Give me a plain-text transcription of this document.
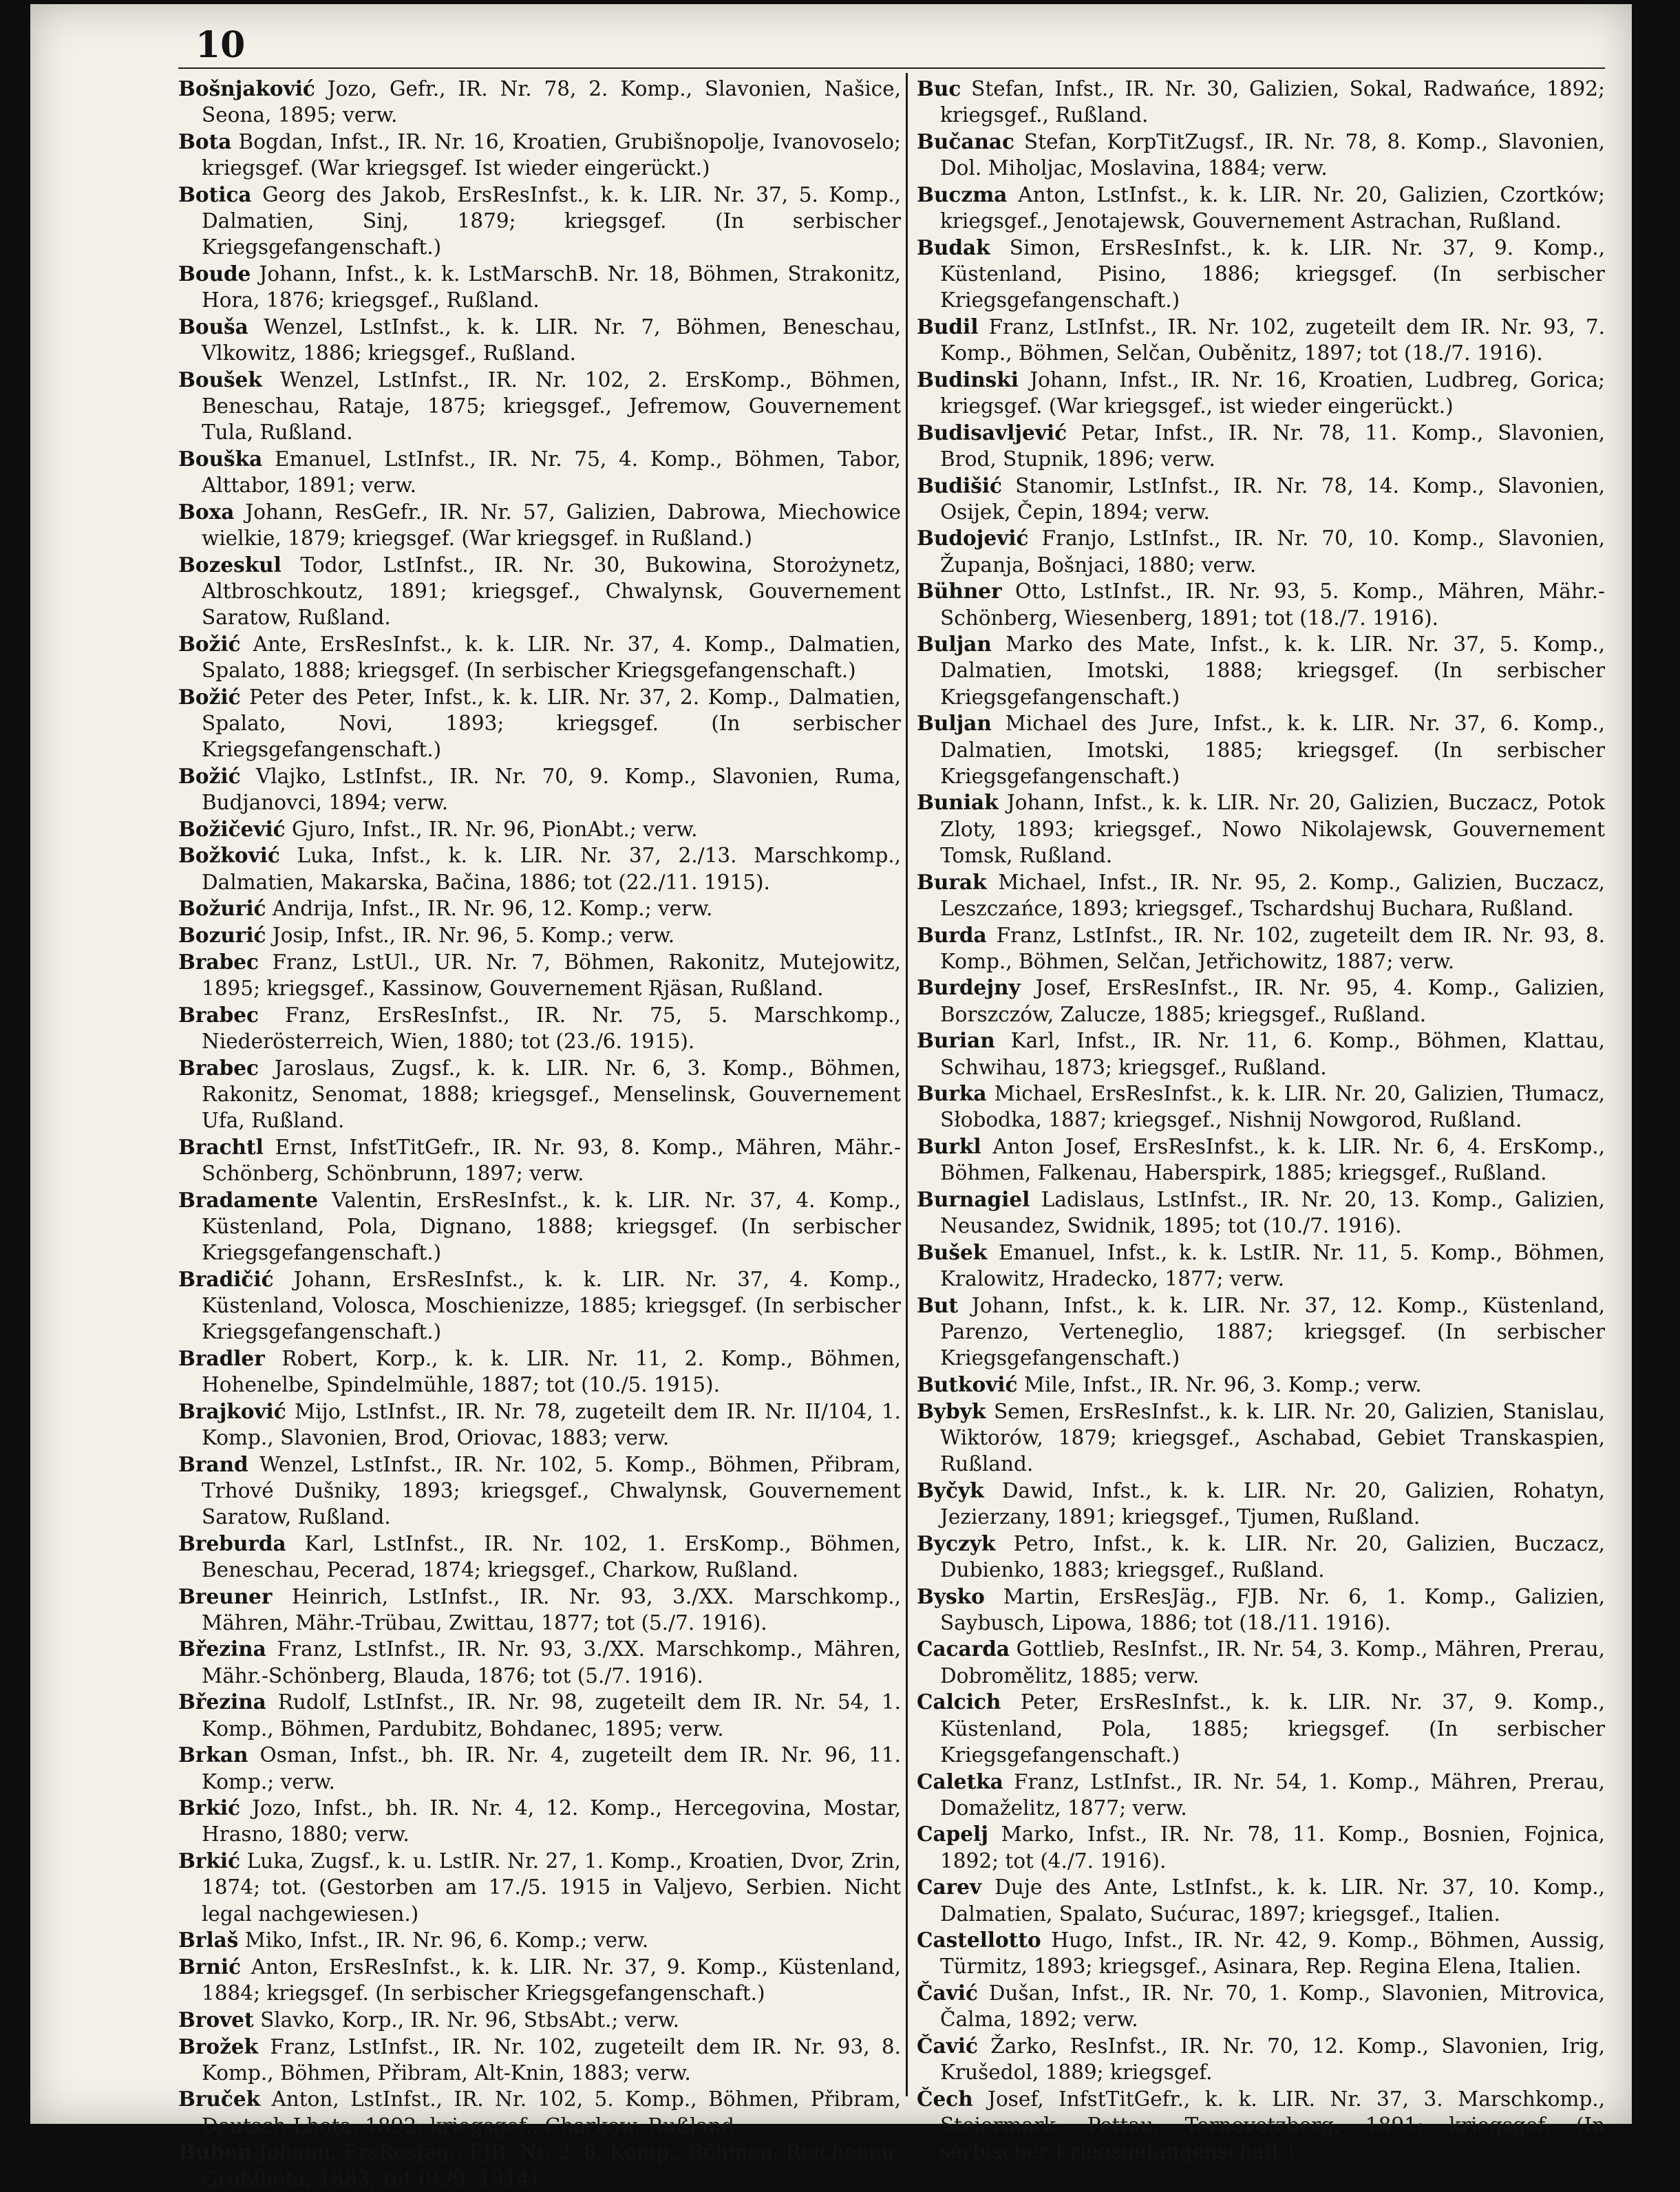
10

Bošnjaković Jozo, Gefr., IR. Nr. 78, 2. Komp., Slavonien, Našice, Seona, 1895; verw.

Bota Bogdan, Infst., IR. Nr. 16, Kroatien, Grubišnopolje, Ivanovoselo; kriegsgef. (War kriegsgef. Ist wieder eingerückt.)

Botica Georg des Jakob, ErsResInfst., k. k. LIR. Nr. 37, 5. Komp., Dalmatien, Sinj, 1879; kriegsgef. (In serbischer Kriegsgefangenschaft.)

Boude Johann, Infst., k. k. LstMarschB. Nr. 18, Böhmen, Strakonitz, Hora, 1876; kriegsgef., Rußland.

Bouša Wenzel, LstInfst., k. k. LIR. Nr. 7, Böhmen, Beneschau, Vlkowitz, 1886; kriegsgef., Rußland.

Boušek Wenzel, LstInfst., IR. Nr. 102, 2. ErsKomp., Böhmen, Beneschau, Rataje, 1875; kriegsgef., Jefremow, Gouvernement Tula, Rußland.

Bouška Emanuel, LstInfst., IR. Nr. 75, 4. Komp., Böhmen, Tabor, Alttabor, 1891; verw.

Boxa Johann, ResGefr., IR. Nr. 57, Galizien, Dabrowa, Miechowice wielkie, 1879; kriegsgef. (War kriegsgef. in Rußland.)

Bozeskul Todor, LstInfst., IR. Nr. 30, Bukowina, Storożynetz, Altbroschkoutz, 1891; kriegsgef., Chwalynsk, Gouvernement Saratow, Rußland.

Božić Ante, ErsResInfst., k. k. LIR. Nr. 37, 4. Komp., Dalmatien, Spalato, 1888; kriegsgef. (In serbischer Kriegsgefangenschaft.)

Božić Peter des Peter, Infst., k. k. LIR. Nr. 37, 2. Komp., Dalmatien, Spalato, Novi, 1893; kriegsgef. (In serbischer Kriegsgefangenschaft.)

Božić Vlajko, LstInfst., IR. Nr. 70, 9. Komp., Slavonien, Ruma, Budjanovci, 1894; verw.

Božičević Gjuro, Infst., IR. Nr. 96, PionAbt.; verw.

Božković Luka, Infst., k. k. LIR. Nr. 37, 2./13. Marschkomp., Dalmatien, Makarska, Bačina, 1886; tot (22./11. 1915).

Božurić Andrija, Infst., IR. Nr. 96, 12. Komp.; verw.

Bozurić Josip, Infst., IR. Nr. 96, 5. Komp.; verw.

Brabec Franz, LstUl., UR. Nr. 7, Böhmen, Rakonitz, Mutejowitz, 1895; kriegsgef., Kassinow, Gouvernement Rjäsan, Rußland.

Brabec Franz, ErsResInfst., IR. Nr. 75, 5. Marschkomp., Niederösterreich, Wien, 1880; tot (23./6. 1915).

Brabec Jaroslaus, Zugsf., k. k. LIR. Nr. 6, 3. Komp., Böhmen, Rakonitz, Senomat, 1888; kriegsgef., Menselinsk, Gouvernement Ufa, Rußland.

Brachtl Ernst, InfstTitGefr., IR. Nr. 93, 8. Komp., Mähren, Mähr.-Schönberg, Schönbrunn, 1897; verw.

Bradamente Valentin, ErsResInfst., k. k. LIR. Nr. 37, 4. Komp., Küstenland, Pola, Dignano, 1888; kriegsgef. (In serbischer Kriegsgefangenschaft.)

Bradičić Johann, ErsResInfst., k. k. LIR. Nr. 37, 4. Komp., Küstenland, Volosca, Moschienizze, 1885; kriegsgef. (In serbischer Kriegsgefangenschaft.)

Bradler Robert, Korp., k. k. LIR. Nr. 11, 2. Komp., Böhmen, Hohenelbe, Spindelmühle, 1887; tot (10./5. 1915).

Brajković Mijo, LstInfst., IR. Nr. 78, zugeteilt dem IR. Nr. II/104, 1. Komp., Slavonien, Brod, Oriovac, 1883; verw.

Brand Wenzel, LstInfst., IR. Nr. 102, 5. Komp., Böhmen, Přibram, Trhové Dušniky, 1893; kriegsgef., Chwalynsk, Gouvernement Saratow, Rußland.

Breburda Karl, LstInfst., IR. Nr. 102, 1. ErsKomp., Böhmen, Beneschau, Pecerad, 1874; kriegsgef., Charkow, Rußland.

Breuner Heinrich, LstInfst., IR. Nr. 93, 3./XX. Marschkomp., Mähren, Mähr.-Trübau, Zwittau, 1877; tot (5./7. 1916).

Březina Franz, LstInfst., IR. Nr. 93, 3./XX. Marschkomp., Mähren, Mähr.-Schönberg, Blauda, 1876; tot (5./7. 1916).

Březina Rudolf, LstInfst., IR. Nr. 98, zugeteilt dem IR. Nr. 54, 1. Komp., Böhmen, Pardubitz, Bohdanec, 1895; verw.

Brkan Osman, Infst., bh. IR. Nr. 4, zugeteilt dem IR. Nr. 96, 11. Komp.; verw.

Brkić Jozo, Infst., bh. IR. Nr. 4, 12. Komp., Hercegovina, Mostar, Hrasno, 1880; verw.

Brkić Luka, Zugsf., k. u. LstIR. Nr. 27, 1. Komp., Kroatien, Dvor, Zrin, 1874; tot. (Gestorben am 17./5. 1915 in Valjevo, Serbien. Nicht legal nachgewiesen.)

Brlaš Miko, Infst., IR. Nr. 96, 6. Komp.; verw.

Brnić Anton, ErsResInfst., k. k. LIR. Nr. 37, 9. Komp., Küstenland, 1884; kriegsgef. (In serbischer Kriegsgefangenschaft.)

Brovet Slavko, Korp., IR. Nr. 96, StbsAbt.; verw.

Brožek Franz, LstInfst., IR. Nr. 102, zugeteilt dem IR. Nr. 93, 8. Komp., Böhmen, Přibram, Alt-Knin, 1883; verw.

Bruček Anton, LstInfst., IR. Nr. 102, 5. Komp., Böhmen, Přibram, Deutsch-Lhota, 1892; kriegsgef., Charkow, Rußland.

Buben Johann, ErsResJäg., FJB. Nr. 2, 8. Komp., Böhmen, Reichenau, Großlhota, 1883; tot (9./9. 1914).

Buc Stefan, Infst., IR. Nr. 30, Galizien, Sokal, Radwańce, 1892; kriegsgef., Rußland.

Bučanac Stefan, KorpTitZugsf., IR. Nr. 78, 8. Komp., Slavonien, Dol. Miholjac, Moslavina, 1884; verw.

Buczma Anton, LstInfst., k. k. LIR. Nr. 20, Galizien, Czortków; kriegsgef., Jenotajewsk, Gouvernement Astrachan, Rußland.

Budak Simon, ErsResInfst., k. k. LIR. Nr. 37, 9. Komp., Küstenland, Pisino, 1886; kriegsgef. (In serbischer Kriegsgefangenschaft.)

Budil Franz, LstInfst., IR. Nr. 102, zugeteilt dem IR. Nr. 93, 7. Komp., Böhmen, Selčan, Ouběnitz, 1897; tot (18./7. 1916).

Budinski Johann, Infst., IR. Nr. 16, Kroatien, Ludbreg, Gorica; kriegsgef. (War kriegsgef., ist wieder eingerückt.)

Budisavljević Petar, Infst., IR. Nr. 78, 11. Komp., Slavonien, Brod, Stupnik, 1896; verw.

Budišić Stanomir, LstInfst., IR. Nr. 78, 14. Komp., Slavonien, Osijek, Čepin, 1894; verw.

Budojević Franjo, LstInfst., IR. Nr. 70, 10. Komp., Slavonien, Županja, Bošnjaci, 1880; verw.

Bühner Otto, LstInfst., IR. Nr. 93, 5. Komp., Mähren, Mähr.-Schönberg, Wiesenberg, 1891; tot (18./7. 1916).

Buljan Marko des Mate, Infst., k. k. LIR. Nr. 37, 5. Komp., Dalmatien, Imotski, 1888; kriegsgef. (In serbischer Kriegsgefangenschaft.)

Buljan Michael des Jure, Infst., k. k. LIR. Nr. 37, 6. Komp., Dalmatien, Imotski, 1885; kriegsgef. (In serbischer Kriegsgefangenschaft.)

Buniak Johann, Infst., k. k. LIR. Nr. 20, Galizien, Buczacz, Potok Zloty, 1893; kriegsgef., Nowo Nikolajewsk, Gouvernement Tomsk, Rußland.

Burak Michael, Infst., IR. Nr. 95, 2. Komp., Galizien, Buczacz, Leszczańce, 1893; kriegsgef., Tschardshuj Buchara, Rußland.

Burda Franz, LstInfst., IR. Nr. 102, zugeteilt dem IR. Nr. 93, 8. Komp., Böhmen, Selčan, Jetřichowitz, 1887; verw.

Burdejny Josef, ErsResInfst., IR. Nr. 95, 4. Komp., Galizien, Borszczów, Zalucze, 1885; kriegsgef., Rußland.

Burian Karl, Infst., IR. Nr. 11, 6. Komp., Böhmen, Klattau, Schwihau, 1873; kriegsgef., Rußland.

Burka Michael, ErsResInfst., k. k. LIR. Nr. 20, Galizien, Tłumacz, Słobodka, 1887; kriegsgef., Nishnij Nowgorod, Rußland.

Burkl Anton Josef, ErsResInfst., k. k. LIR. Nr. 6, 4. ErsKomp., Böhmen, Falkenau, Haberspirk, 1885; kriegsgef., Rußland.

Burnagiel Ladislaus, LstInfst., IR. Nr. 20, 13. Komp., Galizien, Neusandez, Swidnik, 1895; tot (10./7. 1916).

Bušek Emanuel, Infst., k. k. LstIR. Nr. 11, 5. Komp., Böhmen, Kralowitz, Hradecko, 1877; verw.

But Johann, Infst., k. k. LIR. Nr. 37, 12. Komp., Küstenland, Parenzo, Verteneglio, 1887; kriegsgef. (In serbischer Kriegsgefangenschaft.)

Butković Mile, Infst., IR. Nr. 96, 3. Komp.; verw.

Bybyk Semen, ErsResInfst., k. k. LIR. Nr. 20, Galizien, Stanislau, Wiktorów, 1879; kriegsgef., Aschabad, Gebiet Transkaspien, Rußland.

Byčyk Dawid, Infst., k. k. LIR. Nr. 20, Galizien, Rohatyn, Jezierzany, 1891; kriegsgef., Tjumen, Rußland.

Byczyk Petro, Infst., k. k. LIR. Nr. 20, Galizien, Buczacz, Dubienko, 1883; kriegsgef., Rußland.

Bysko Martin, ErsResJäg., FJB. Nr. 6, 1. Komp., Galizien, Saybusch, Lipowa, 1886; tot (18./11. 1916).

Cacarda Gottlieb, ResInfst., IR. Nr. 54, 3. Komp., Mähren, Prerau, Dobromělitz, 1885; verw.

Calcich Peter, ErsResInfst., k. k. LIR. Nr. 37, 9. Komp., Küstenland, Pola, 1885; kriegsgef. (In serbischer Kriegsgefangenschaft.)

Caletka Franz, LstInfst., IR. Nr. 54, 1. Komp., Mähren, Prerau, Domaželitz, 1877; verw.

Capelj Marko, Infst., IR. Nr. 78, 11. Komp., Bosnien, Fojnica, 1892; tot (4./7. 1916).

Carev Duje des Ante, LstInfst., k. k. LIR. Nr. 37, 10. Komp., Dalmatien, Spalato, Sućurac, 1897; kriegsgef., Italien.

Castellotto Hugo, Infst., IR. Nr. 42, 9. Komp., Böhmen, Aussig, Türmitz, 1893; kriegsgef., Asinara, Rep. Regina Elena, Italien.

Čavić Dušan, Infst., IR. Nr. 70, 1. Komp., Slavonien, Mitrovica, Čalma, 1892; verw.

Čavić Žarko, ResInfst., IR. Nr. 70, 12. Komp., Slavonien, Irig, Krušedol, 1889; kriegsgef.

Čech Josef, InfstTitGefr., k. k. LIR. Nr. 37, 3. Marschkomp., Steiermark, Pettau, Ternovetzberg, 1891; kriegsgef. (In serbischer Kriegsgefangenschaft.)
